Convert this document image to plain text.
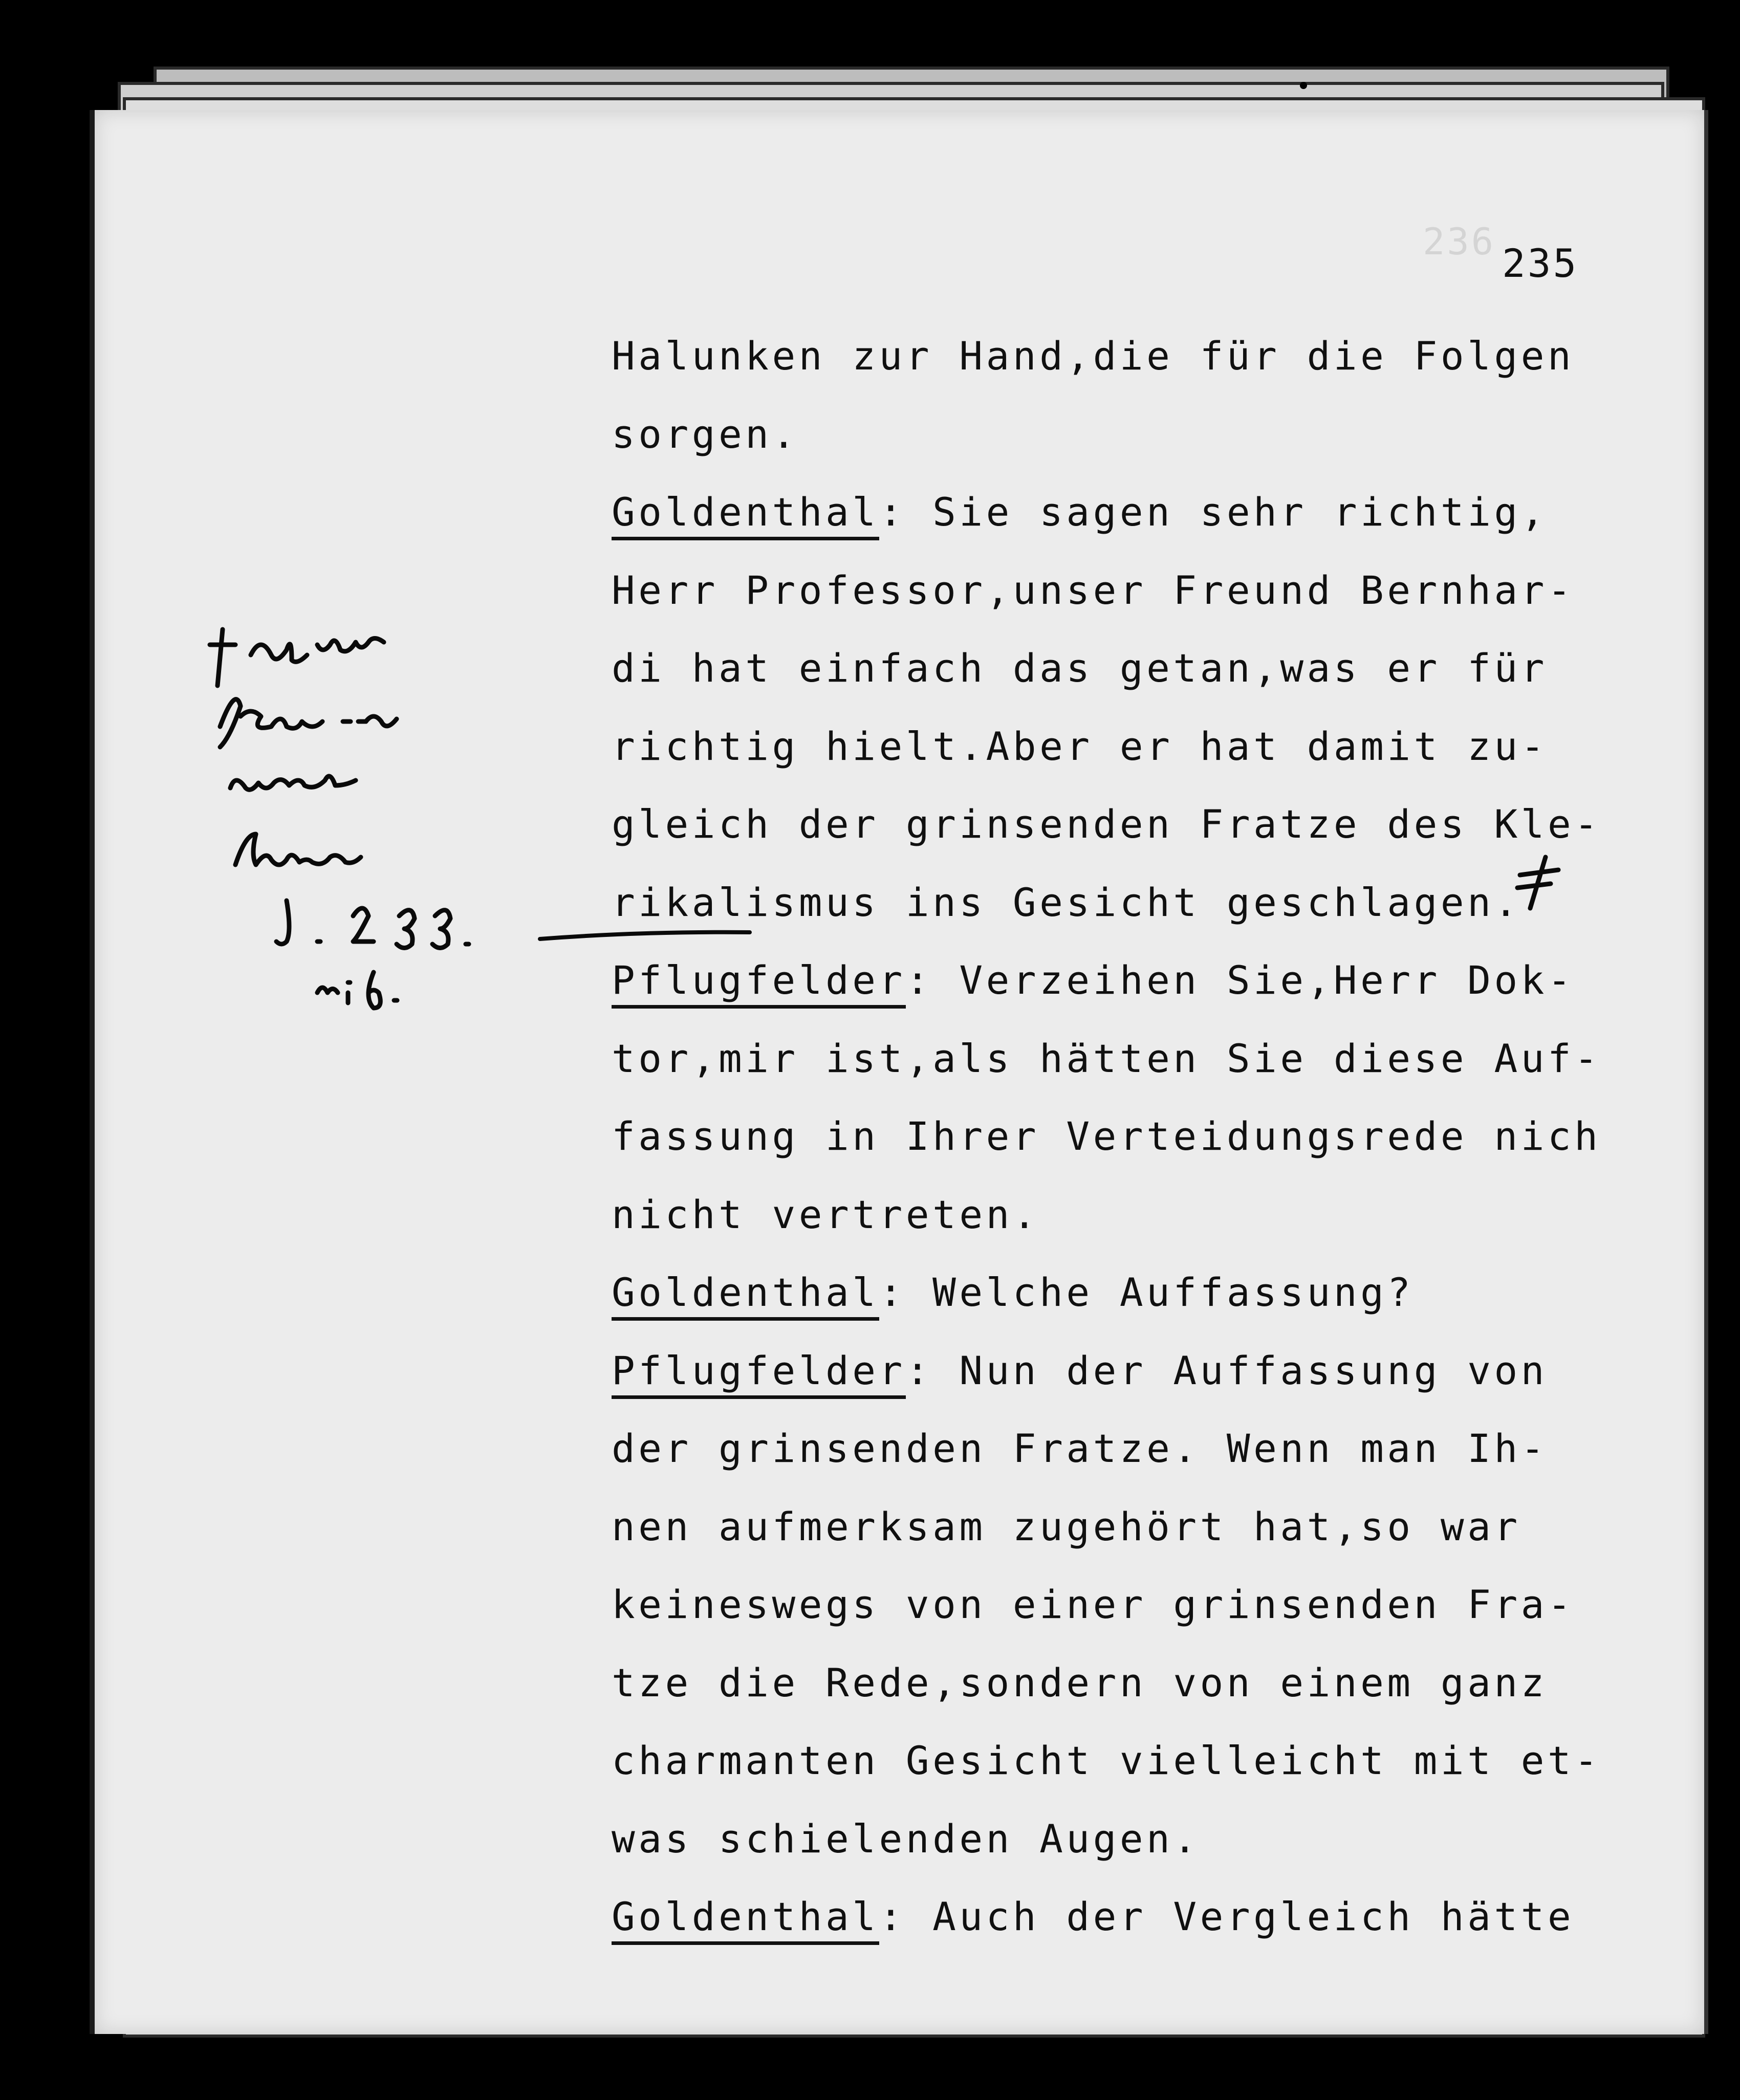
236 235
Halunken zur Hand,die für die Folgen
sorgen.
Goldenthal: Sie sagen sehr richtig,
Herr Professor,unser Freund Bernhar-
di hat einfach das getan,was er für
richtig hielt.Aber er hat damit zu-
gleich der grinsenden Fratze des Kle-
rikalismus ins Gesicht geschlagen.
Pflugfelder: Verzeihen Sie,Herr Dok-
tor,mir ist,als hätten Sie diese Auf-
fassung in Ihrer Verteidungsrede nich
nicht vertreten.
Goldenthal: Welche Auffassung?
Pflugfelder: Nun der Auffassung von
der grinsenden Fratze. Wenn man Ih-
nen aufmerksam zugehört hat,so war
keineswegs von einer grinsenden Fra-
tze die Rede,sondern von einem ganz
charmanten Gesicht vielleicht mit et-
was schielenden Augen.
Goldenthal: Auch der Vergleich hätte
